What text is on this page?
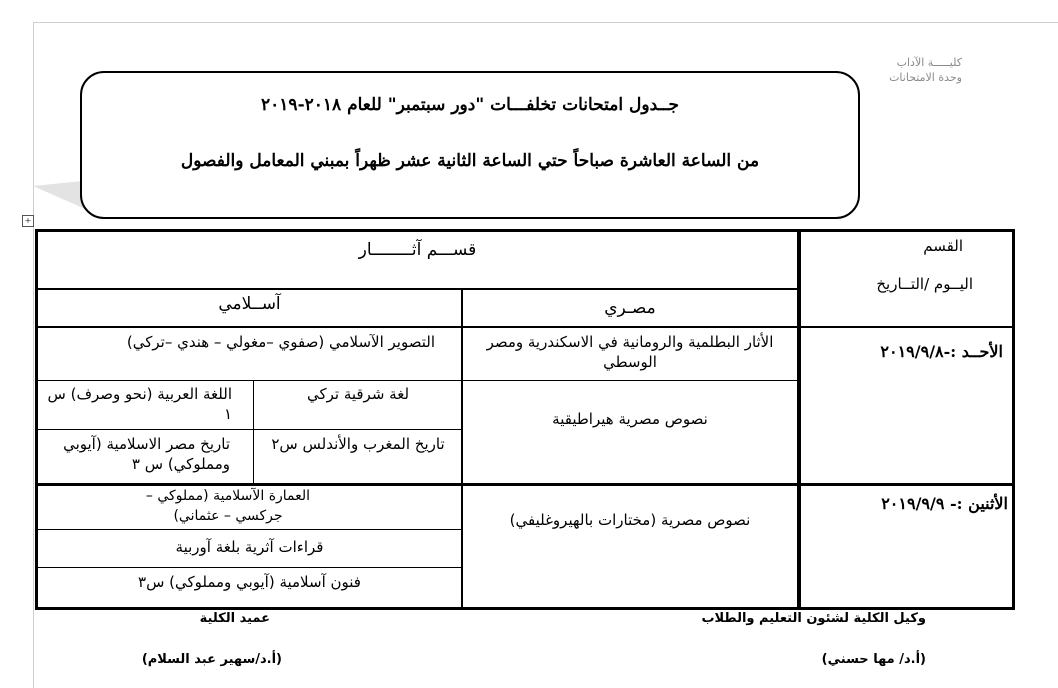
كليـــــة الآداب
وحدة الامتحانات
جــدول امتحانات تخلفـــات "دور سبتمبر" للعام ٢٠١٨-٢٠١٩
من الساعة العاشرة صباحاً حتي الساعة الثانية عشر ظهراً بمبني المعامل والفصول
+
القسم
اليــوم /التــاريخ
قســـم آثــــــــار
مصـري
آســلامي
الأحــد :-٢٠١٩/٩/٨
الأثار البطلمية والرومانية في الاسكندرية ومصر الوسطي
نصوص مصرية هيراطيقية
التصوير الآسلامي (صفوي –مغولي – هندي –تركي)
لغة شرقية تركي
اللغة العربية (نحو وصرف) س ١
تاريخ المغرب والأندلس س٢
تاريخ مصر الاسلامية (آيوبي ومملوكي) س ٣
الأثنين :- ٢٠١٩/٩/٩
نصوص مصرية (مختارات بالهيروغليفي)
العمارة الآسلامية (مملوكي –جركسي – عثماني)
قراءات آثرية بلغة آوربية
فنون آسلامية (آيوبي ومملوكي) س٣
وكيل الكلية لشئون التعليم والطلاب
(أ.د/ مها حسني)
عميد الكلية
(أ.د/سهير عبد السلام)
